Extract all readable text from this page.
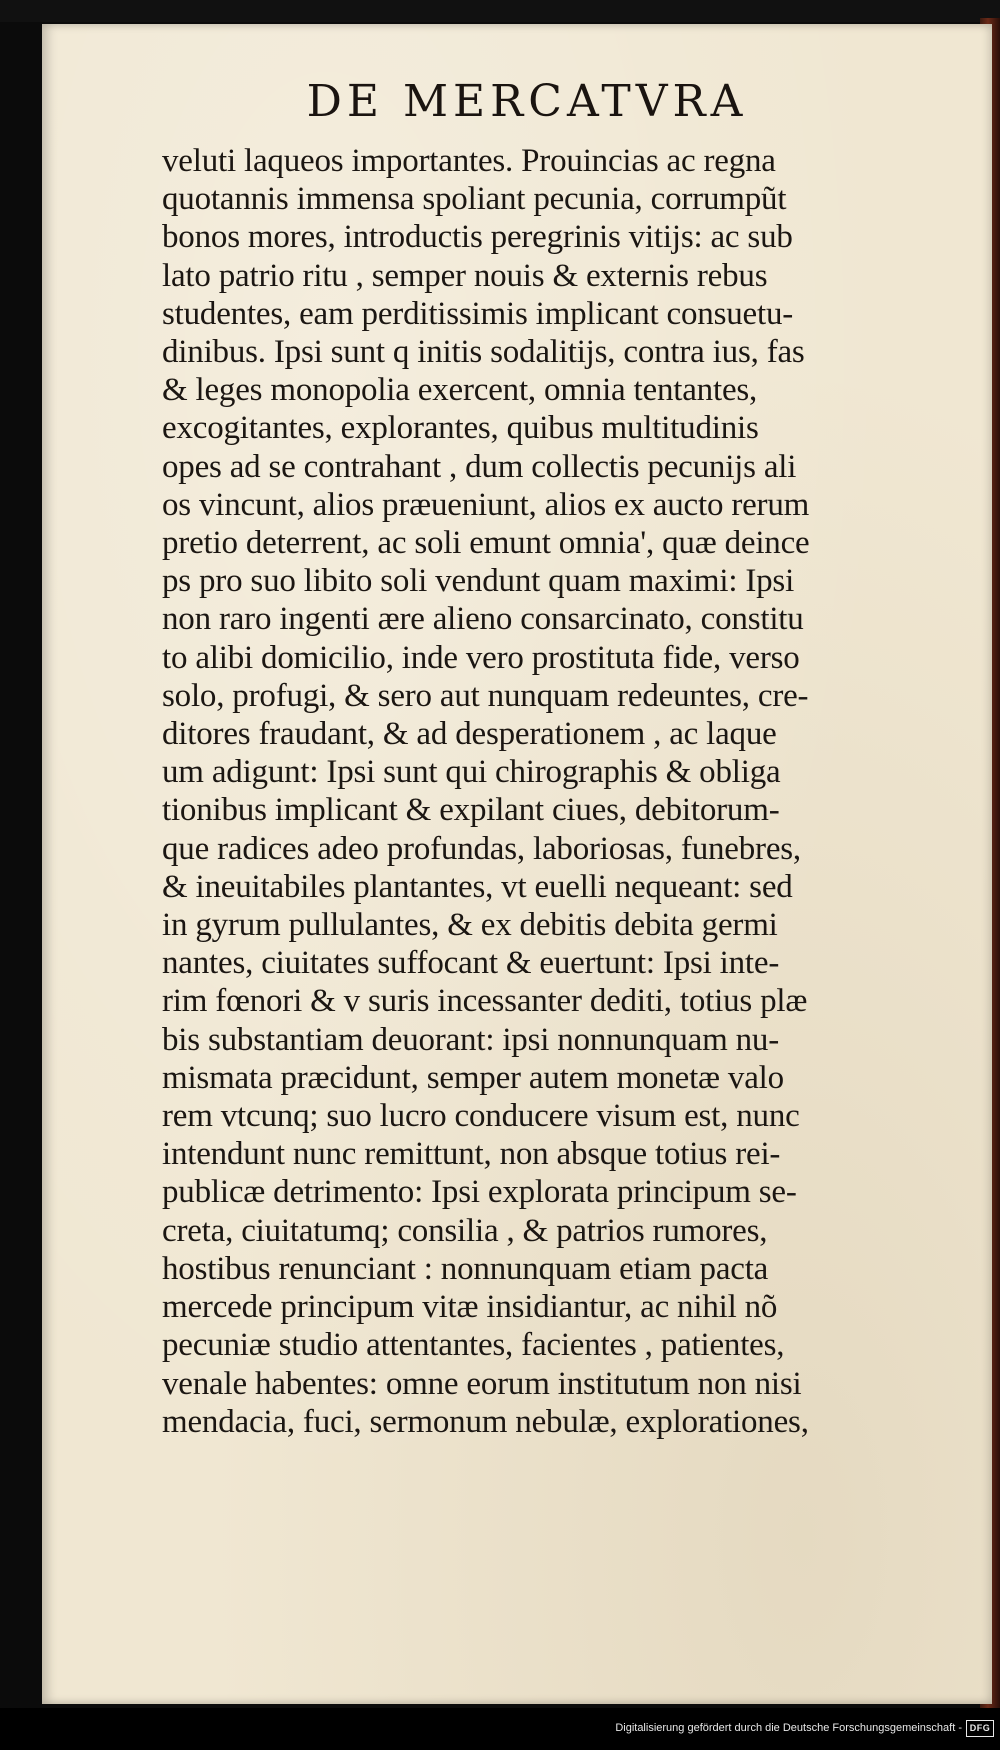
DE MERCATVRA
veluti laqueos importantes. Prouincias ac regna
quotannis immensa spoliant pecunia, corrumpũt
bonos mores, introductis peregrinis vitijs: ac sub
lato patrio ritu , semper nouis & externis rebus
studentes, eam perditissimis implicant consuetu-
dinibus. Ipsi sunt q initis sodalitijs, contra ius, fas
& leges monopolia exercent, omnia tentantes,
excogitantes, explorantes, quibus multitudinis
opes ad se contrahant , dum collectis pecunijs ali
os vincunt, alios præueniunt, alios ex aucto rerum
pretio deterrent, ac soli emunt omnia', quæ deince
ps pro suo libito soli vendunt quam maximi: Ipsi
non raro ingenti ære alieno consarcinato, constitu
to alibi domicilio, inde vero prostituta fide, verso
solo, profugi, & sero aut nunquam redeuntes, cre-
ditores fraudant, & ad desperationem , ac laque
um adigunt: Ipsi sunt qui chirographis & obliga
tionibus implicant & expilant ciues, debitorum-
que radices adeo profundas, laboriosas, funebres,
& ineuitabiles plantantes, vt euelli nequeant: sed
in gyrum pullulantes, & ex debitis debita germi
nantes, ciuitates suffocant & euertunt: Ipsi inte-
rim fœnori & v suris incessanter dediti, totius plæ
bis substantiam deuorant: ipsi nonnunquam nu-
mismata præcidunt, semper autem monetæ valo
rem vtcunq; suo lucro conducere visum est, nunc
intendunt nunc remittunt, non absque totius rei-
publicæ detrimento: Ipsi explorata principum se-
creta, ciuitatumq; consilia , & patrios rumores,
hostibus renunciant : nonnunquam etiam pacta
mercede principum vitæ insidiantur, ac nihil nõ
pecuniæ studio attentantes, facientes , patientes,
venale habentes: omne eorum institutum non nisi
mendacia, fuci, sermonum nebulæ, explorationes,
Digitalisierung gefördert durch die Deutsche Forschungsgemeinschaft - DFG
